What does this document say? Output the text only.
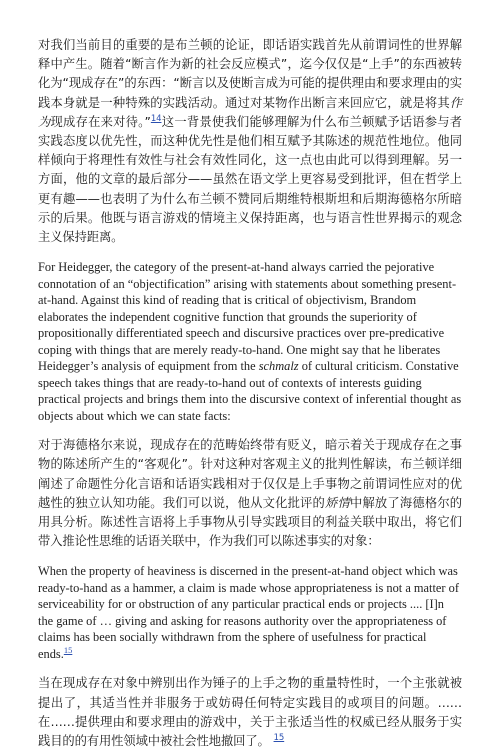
对我们当前目的重要的是布兰顿的论证，即话语实践首先从前谓词性的世界解释中产生。随着“断言作为新的社会反应模式”，迄今仅仅是“上手”的东西被转化为“现成存在”的东西：“断言以及使断言成为可能的提供理由和要求理由的实践本身就是一种特殊的实践活动。通过对某物作出断言来回应它，就是将其作为现成存在来对待。”$^{14}$这一背景使我们能够理解为什么布兰顿赋予话语参与者实践态度以优先性，而这种优先性是他们相互赋予其陈述的规范性地位。他同样倾向于将理性有效性与社会有效性同化，这一点也由此可以得到理解。另一方面，他的文章的最后部分——虽然在语文学上更容易受到批评，但在哲学上更有趣——也表明了为什么布兰顿不赞同后期维特根斯坦和后期海德格尔所暗示的后果。他既与语言游戏的情境主义保持距离，也与语言性世界揭示的观念主义保持距离。

For Heidegger, the category of the present-at-hand always carried the pejorative connotation of an “objectification” arising with statements about something present-at-hand. Against this kind of reading that is critical of objectivism, Brandom elaborates the independent cognitive function that grounds the superiority of propositionally differentiated speech and discursive practices over pre-predicative coping with things that are merely ready-to-hand. One might say that he liberates Heidegger’s analysis of equipment from the schmalz of cultural criticism. Constative speech takes things that are ready-to-hand out of contexts of interests guiding practical projects and brings them into the discursive context of inferential thought as objects about which we can state facts:

对于海德格尔来说，现成存在的范畴始终带有贬义，暗示着关于现成存在之事物的陈述所产生的“客观化”。针对这种对客观主义的批判性解读，布兰顿详细阐述了命题性分化言语和话语实践相对于仅仅是上手事物之前谓词性应对的优越性的独立认知功能。我们可以说，他从文化批评的矫情中解放了海德格尔的用具分析。陈述性言语将上手事物从引导实践项目的利益关联中取出，将它们带入推论性思维的话语关联中，作为我们可以陈述事实的对象：

When the property of heaviness is discerned in the present-at-hand object which was ready-to-hand as a hammer, a claim is made whose appropriateness is not a matter of serviceability for or obstruction of any particular practical ends or projects .... [I]n the game of … giving and asking for reasons authority over the appropriateness of claims has been socially withdrawn from the sphere of usefulness for practical ends.$^{15}$

当在现成存在对象中辨别出作为锤子的上手之物的重量特性时，一个主张就被提出了，其适当性并非服务于或妨碍任何特定实践目的或项目的问题。……在……提供理由和要求理由的游戏中，关于主张适当性的权威已经从服务于实践目的的有用性领域中被社会性地撤回了。 $^{15}$
